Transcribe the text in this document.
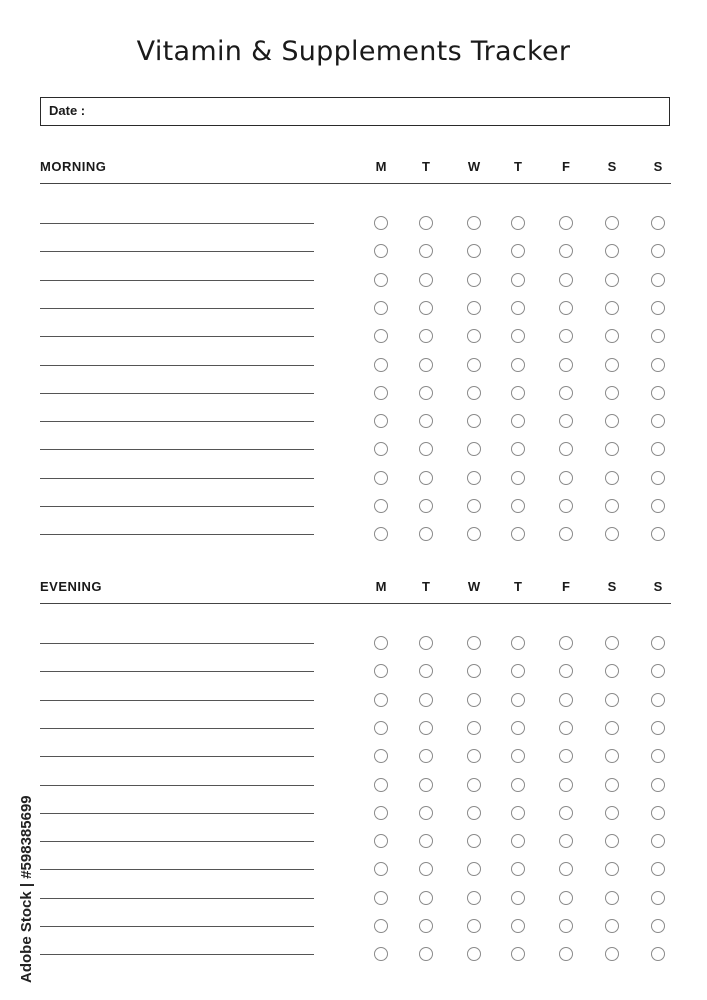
Vitamin & Supplements Tracker
Date :
MORNING	M	T	W	T	F	S	S
EVENING	M	T	W	T	F	S	S
Adobe Stock | #598385699
